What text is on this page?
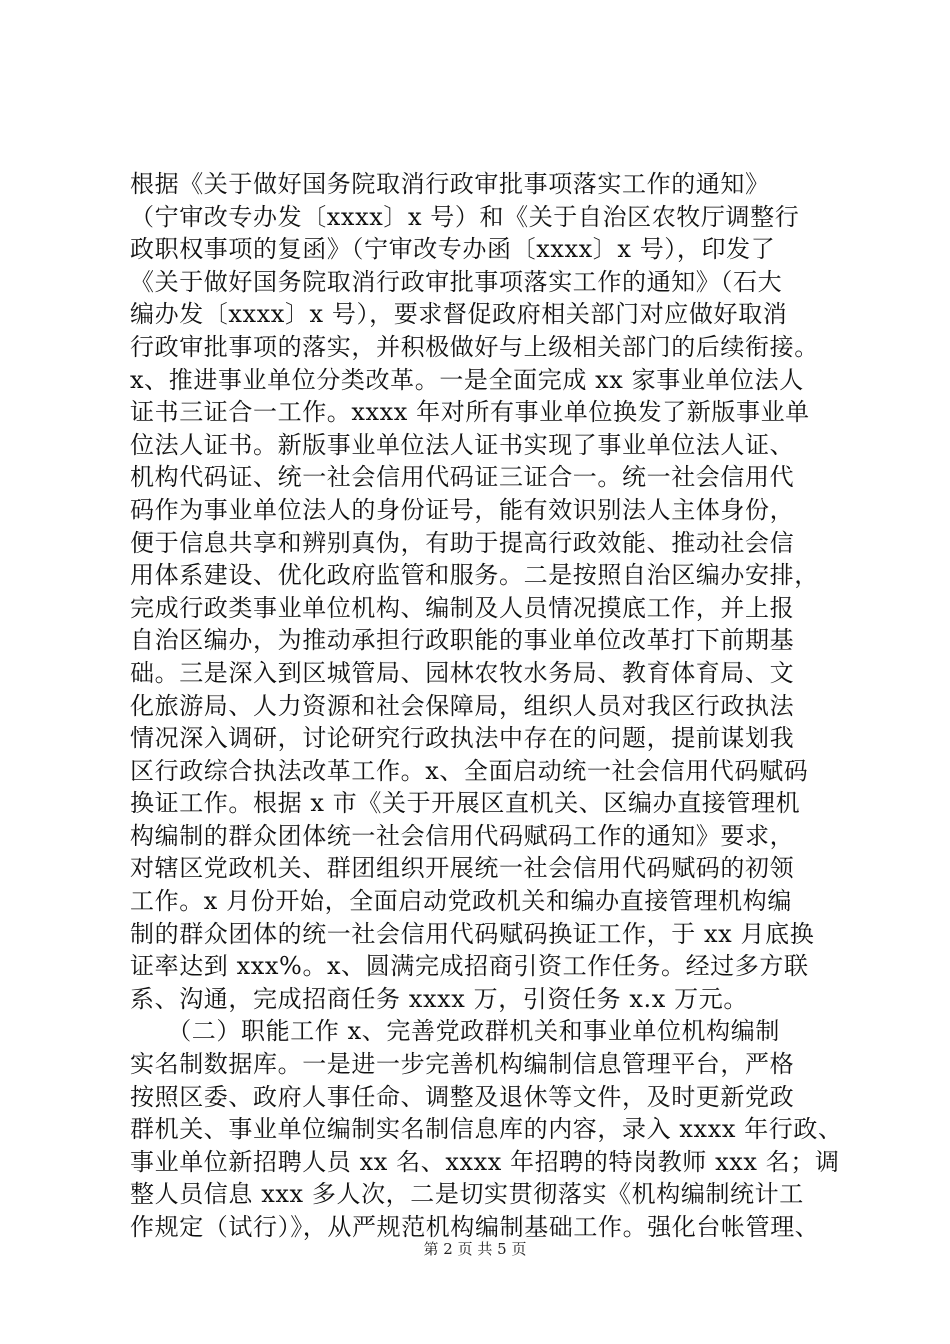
根据《关于做好国务院取消行政审批事项落实工作的通知》
（宁审改专办发〔xxxx〕x 号）和《关于自治区农牧厅调整行
政职权事项的复函》（宁审改专办函〔xxxx〕x 号），印发了
《关于做好国务院取消行政审批事项落实工作的通知》（石大
编办发〔xxxx〕x 号），要求督促政府相关部门对应做好取消
行政审批事项的落实，并积极做好与上级相关部门的后续衔接。
x、推进事业单位分类改革。一是全面完成 xx 家事业单位法人
证书三证合一工作。xxxx 年对所有事业单位换发了新版事业单
位法人证书。新版事业单位法人证书实现了事业单位法人证、
机构代码证、统一社会信用代码证三证合一。统一社会信用代
码作为事业单位法人的身份证号，能有效识别法人主体身份，
便于信息共享和辨别真伪，有助于提高行政效能、推动社会信
用体系建设、优化政府监管和服务。二是按照自治区编办安排，
完成行政类事业单位机构、编制及人员情况摸底工作，并上报
自治区编办，为推动承担行政职能的事业单位改革打下前期基
础。三是深入到区城管局、园林农牧水务局、教育体育局、文
化旅游局、人力资源和社会保障局，组织人员对我区行政执法
情况深入调研，讨论研究行政执法中存在的问题，提前谋划我
区行政综合执法改革工作。x、全面启动统一社会信用代码赋码
换证工作。根据 x 市《关于开展区直机关、区编办直接管理机
构编制的群众团体统一社会信用代码赋码工作的通知》要求，
对辖区党政机关、群团组织开展统一社会信用代码赋码的初领
工作。x 月份开始，全面启动党政机关和编办直接管理机构编
制的群众团体的统一社会信用代码赋码换证工作，于 xx 月底换
证率达到 xxx%。x、圆满完成招商引资工作任务。经过多方联
系、沟通，完成招商任务 xxxx 万，引资任务 x.x 万元。
　　（二）职能工作 x、完善党政群机关和事业单位机构编制
实名制数据库。一是进一步完善机构编制信息管理平台，严格
按照区委、政府人事任命、调整及退休等文件，及时更新党政
群机关、事业单位编制实名制信息库的内容，录入 xxxx 年行政、
事业单位新招聘人员 xx 名、xxxx 年招聘的特岗教师 xxx 名；调
整人员信息 xxx 多人次，二是切实贯彻落实《机构编制统计工
作规定（试行）》，从严规范机构编制基础工作。强化台帐管理、
第 2 页 共 5 页
